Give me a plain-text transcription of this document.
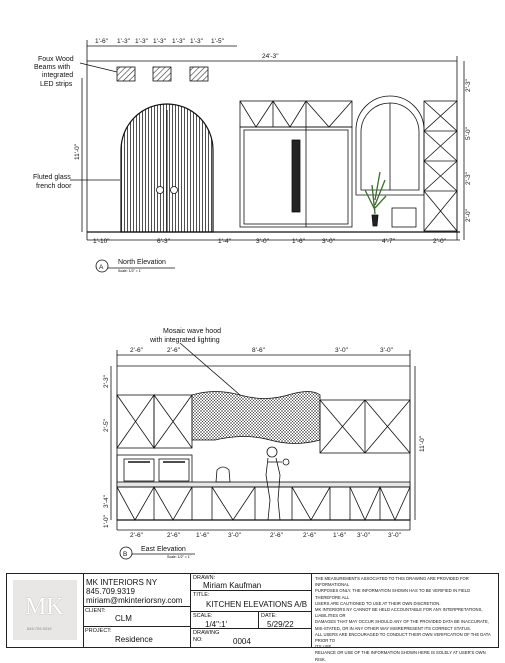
1'-6" 1'-3" 1'-3" 1'-3" 1'-3" 1'-3" 1'-5"
24'-3"
2'-3"
5'-0"
2'-3"
2'-0"
11'-0"
1'-10"	6'-3"	1'-4"	3'-0"	1'-6"	3'-0"	4'-7"	2'-0"
Foux Wood
Beams with
integrated
LED strips
Fluted glass
french door
A
North Elevation
Scale: 1/2" = 1'
2'-6"	2'-6"	8'-6"	3'-0"	3'-0"
2'-3"
2'-5"
3'-4"
1'-0"
11'-0"
2'-6"	2'-6" 1'-6"	3'-0"	2'-6"	2'-6"	1'-6" 3'-0"	3'-0"
Mosaic wave hood
with integrated lighting
B
East Elevation
Scale: 1/2" = 1'
MK
845.709.9319
MK INTERIORS NY
845.709.9319
miriam@mkinteriorsny.com
CLIENT:
CLM
PROJECT:
Residence
DRAWN:
Miriam Kaufman
TITLE:
KITCHEN ELEVATIONS A/B
SCALE:
1/4":1'
DATE:
5/29/22
DRAWING NO:	0004
THE MEASUREMENTS ASSOCIATED TO THIS DRAWING ARE PROVIDED FOR INFORMATIONAL
PURPOSES ONLY. THE INFORMATION SHOWN HAS TO BE VERIFIED IN FIELD THEREFORE ALL
USERS ARE CAUTIONED TO USE AT THEIR OWN DISCRETION.
MK INTERIORS NY CANNOT BE HELD ACCOUNTABLE FOR ANY INTERPRETATIONS, LIABILITIES OR
DAMAGES THAT MAY OCCUR SHOULD ANY OF THE PROVIDED DATA BE INACCURATE,
MIS-STATED, OR IN ANY OTHER WAY MISREPRESENT ITS CORRECT STATUS.
ALL USERS ARE ENCOURAGED TO CONDUCT THEIR OWN VERIFICATION OF THE DATA PRIOR TO
ITS USE.
RELIANCE OR USE OF THE INFORMATION SHOWN HERE IS SOLELY AT USER'S OWN RISK.
